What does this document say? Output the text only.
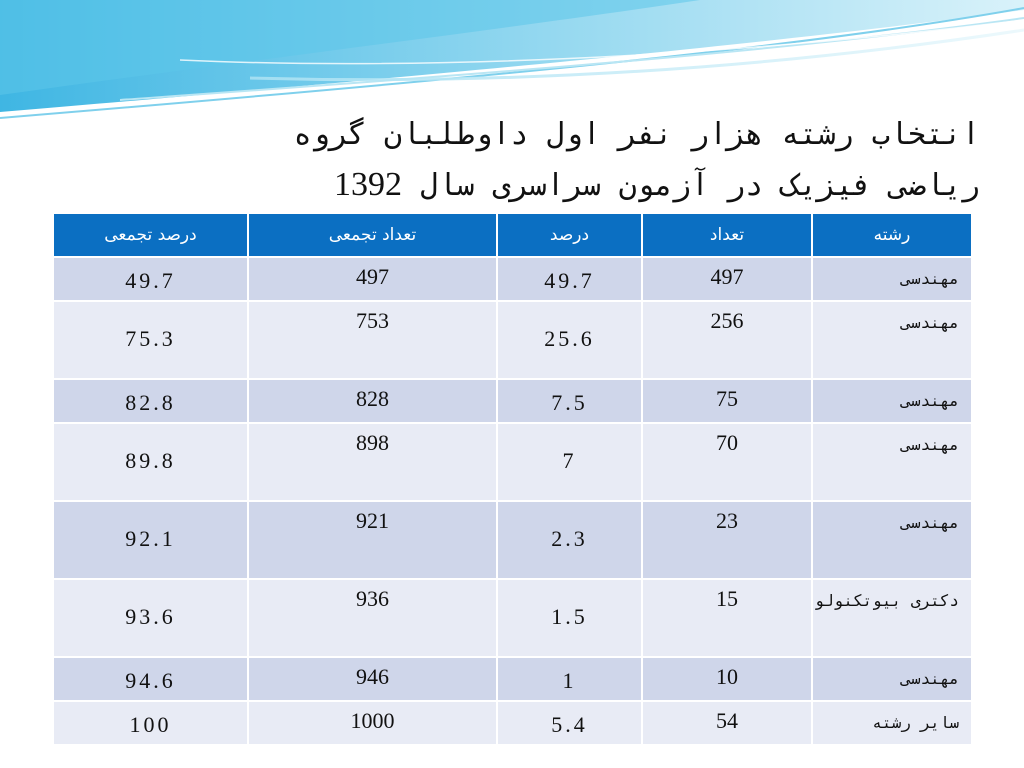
انتخاب رشته هزار نفر اول داوطلبان گروه
ریاضی فیزیک در آزمون سراسری سال 1392
رشته	تعداد	درصد	تعداد تجمعی	درصد تجمعی

مهندسی	497	49.7	497	49.7

مهندسی	256	25.6	753	75.3

مهندسی	75	7.5	828	82.8

مهندسی	70	7	898	89.8

مهندسی	23	2.3	921	92.1

دکتری بیوتکنولو	15	1.5	936	93.6

مهندسی	10	1	946	94.6

سایر رشته	54	5.4	1000	100
